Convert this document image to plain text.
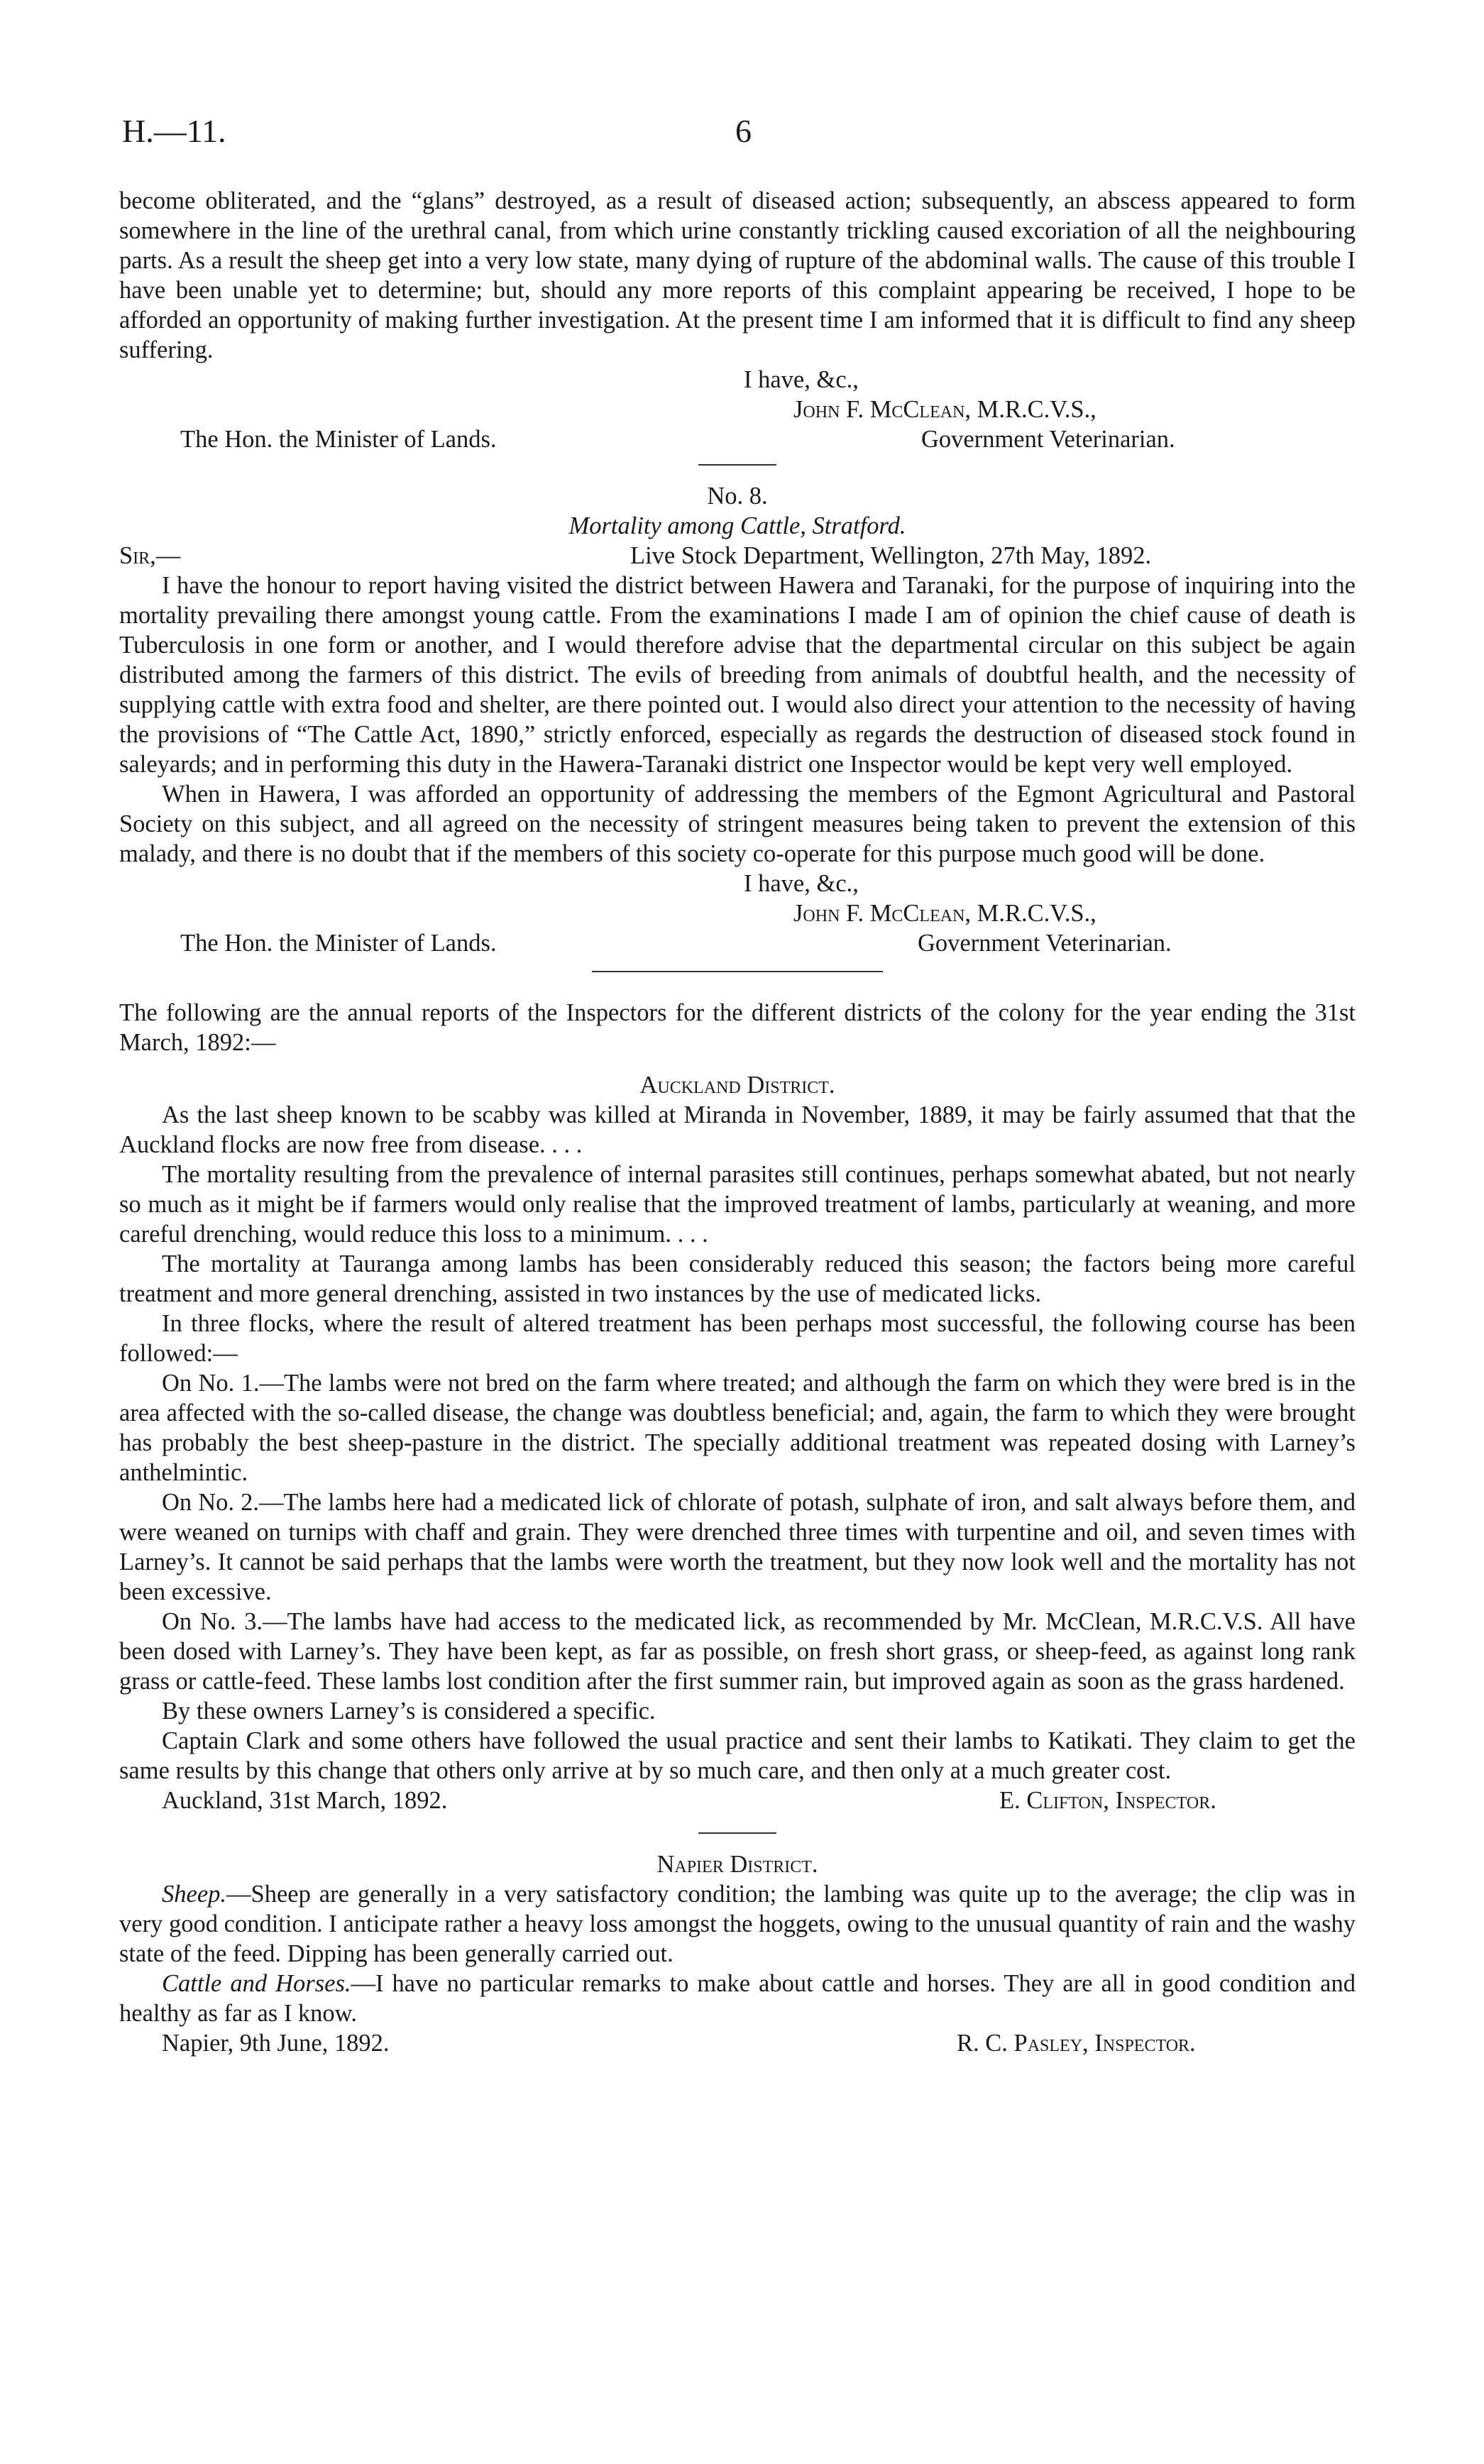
H.—11.	6

become obliterated, and the “glans” destroyed, as a result of diseased action; subsequently, an abscess appeared to form somewhere in the line of the urethral canal, from which urine constantly trickling caused excoriation of all the neighbouring parts. As a result the sheep get into a very low state, many dying of rupture of the abdominal walls. The cause of this trouble I have been unable yet to determine; but, should any more reports of this complaint appearing be received, I hope to be afforded an opportunity of making further investigation. At the present time I am informed that it is difficult to find any sheep suffering.

I have, &c.,
John F. McClean, M.R.C.V.S.,
The Hon. the Minister of Lands.	Government Veterinarian.

No. 8.

Mortality among Cattle, Stratford.

Sir,—	Live Stock Department, Wellington, 27th May, 1892.

I have the honour to report having visited the district between Hawera and Taranaki, for the purpose of inquiring into the mortality prevailing there amongst young cattle. From the examinations I made I am of opinion the chief cause of death is Tuberculosis in one form or another, and I would therefore advise that the departmental circular on this subject be again distributed among the farmers of this district. The evils of breeding from animals of doubtful health, and the necessity of supplying cattle with extra food and shelter, are there pointed out. I would also direct your attention to the necessity of having the provisions of “The Cattle Act, 1890,” strictly enforced, especially as regards the destruction of diseased stock found in saleyards; and in performing this duty in the Hawera-Taranaki district one Inspector would be kept very well employed.

When in Hawera, I was afforded an opportunity of addressing the members of the Egmont Agricultural and Pastoral Society on this subject, and all agreed on the necessity of stringent measures being taken to prevent the extension of this malady, and there is no doubt that if the members of this society co-operate for this purpose much good will be done.

I have, &c.,
John F. McClean, M.R.C.V.S.,
The Hon. the Minister of Lands.	Government Veterinarian.

The following are the annual reports of the Inspectors for the different districts of the colony for the year ending the 31st March, 1892:—

Auckland District.

As the last sheep known to be scabby was killed at Miranda in November, 1889, it may be fairly assumed that that the Auckland flocks are now free from disease. . . .

The mortality resulting from the prevalence of internal parasites still continues, perhaps somewhat abated, but not nearly so much as it might be if farmers would only realise that the improved treatment of lambs, particularly at weaning, and more careful drenching, would reduce this loss to a minimum. . . .

The mortality at Tauranga among lambs has been considerably reduced this season; the factors being more careful treatment and more general drenching, assisted in two instances by the use of medicated licks.

In three flocks, where the result of altered treatment has been perhaps most successful, the following course has been followed:—

On No. 1.—The lambs were not bred on the farm where treated; and although the farm on which they were bred is in the area affected with the so-called disease, the change was doubtless beneficial; and, again, the farm to which they were brought has probably the best sheep-pasture in the district. The specially additional treatment was repeated dosing with Larney’s anthelmintic.

On No. 2.—The lambs here had a medicated lick of chlorate of potash, sulphate of iron, and salt always before them, and were weaned on turnips with chaff and grain. They were drenched three times with turpentine and oil, and seven times with Larney’s. It cannot be said perhaps that the lambs were worth the treatment, but they now look well and the mortality has not been excessive.

On No. 3.—The lambs have had access to the medicated lick, as recommended by Mr. McClean, M.R.C.V.S. All have been dosed with Larney’s. They have been kept, as far as possible, on fresh short grass, or sheep-feed, as against long rank grass or cattle-feed. These lambs lost condition after the first summer rain, but improved again as soon as the grass hardened.

By these owners Larney’s is considered a specific.

Captain Clark and some others have followed the usual practice and sent their lambs to Katikati. They claim to get the same results by this change that others only arrive at by so much care, and then only at a much greater cost.

Auckland, 31st March, 1892.	E. Clifton, Inspector.

Napier District.

Sheep.—Sheep are generally in a very satisfactory condition; the lambing was quite up to the average; the clip was in very good condition. I anticipate rather a heavy loss amongst the hoggets, owing to the unusual quantity of rain and the washy state of the feed. Dipping has been generally carried out.

Cattle and Horses.—I have no particular remarks to make about cattle and horses. They are all in good condition and healthy as far as I know.

Napier, 9th June, 1892.	R. C. Pasley, Inspector.
